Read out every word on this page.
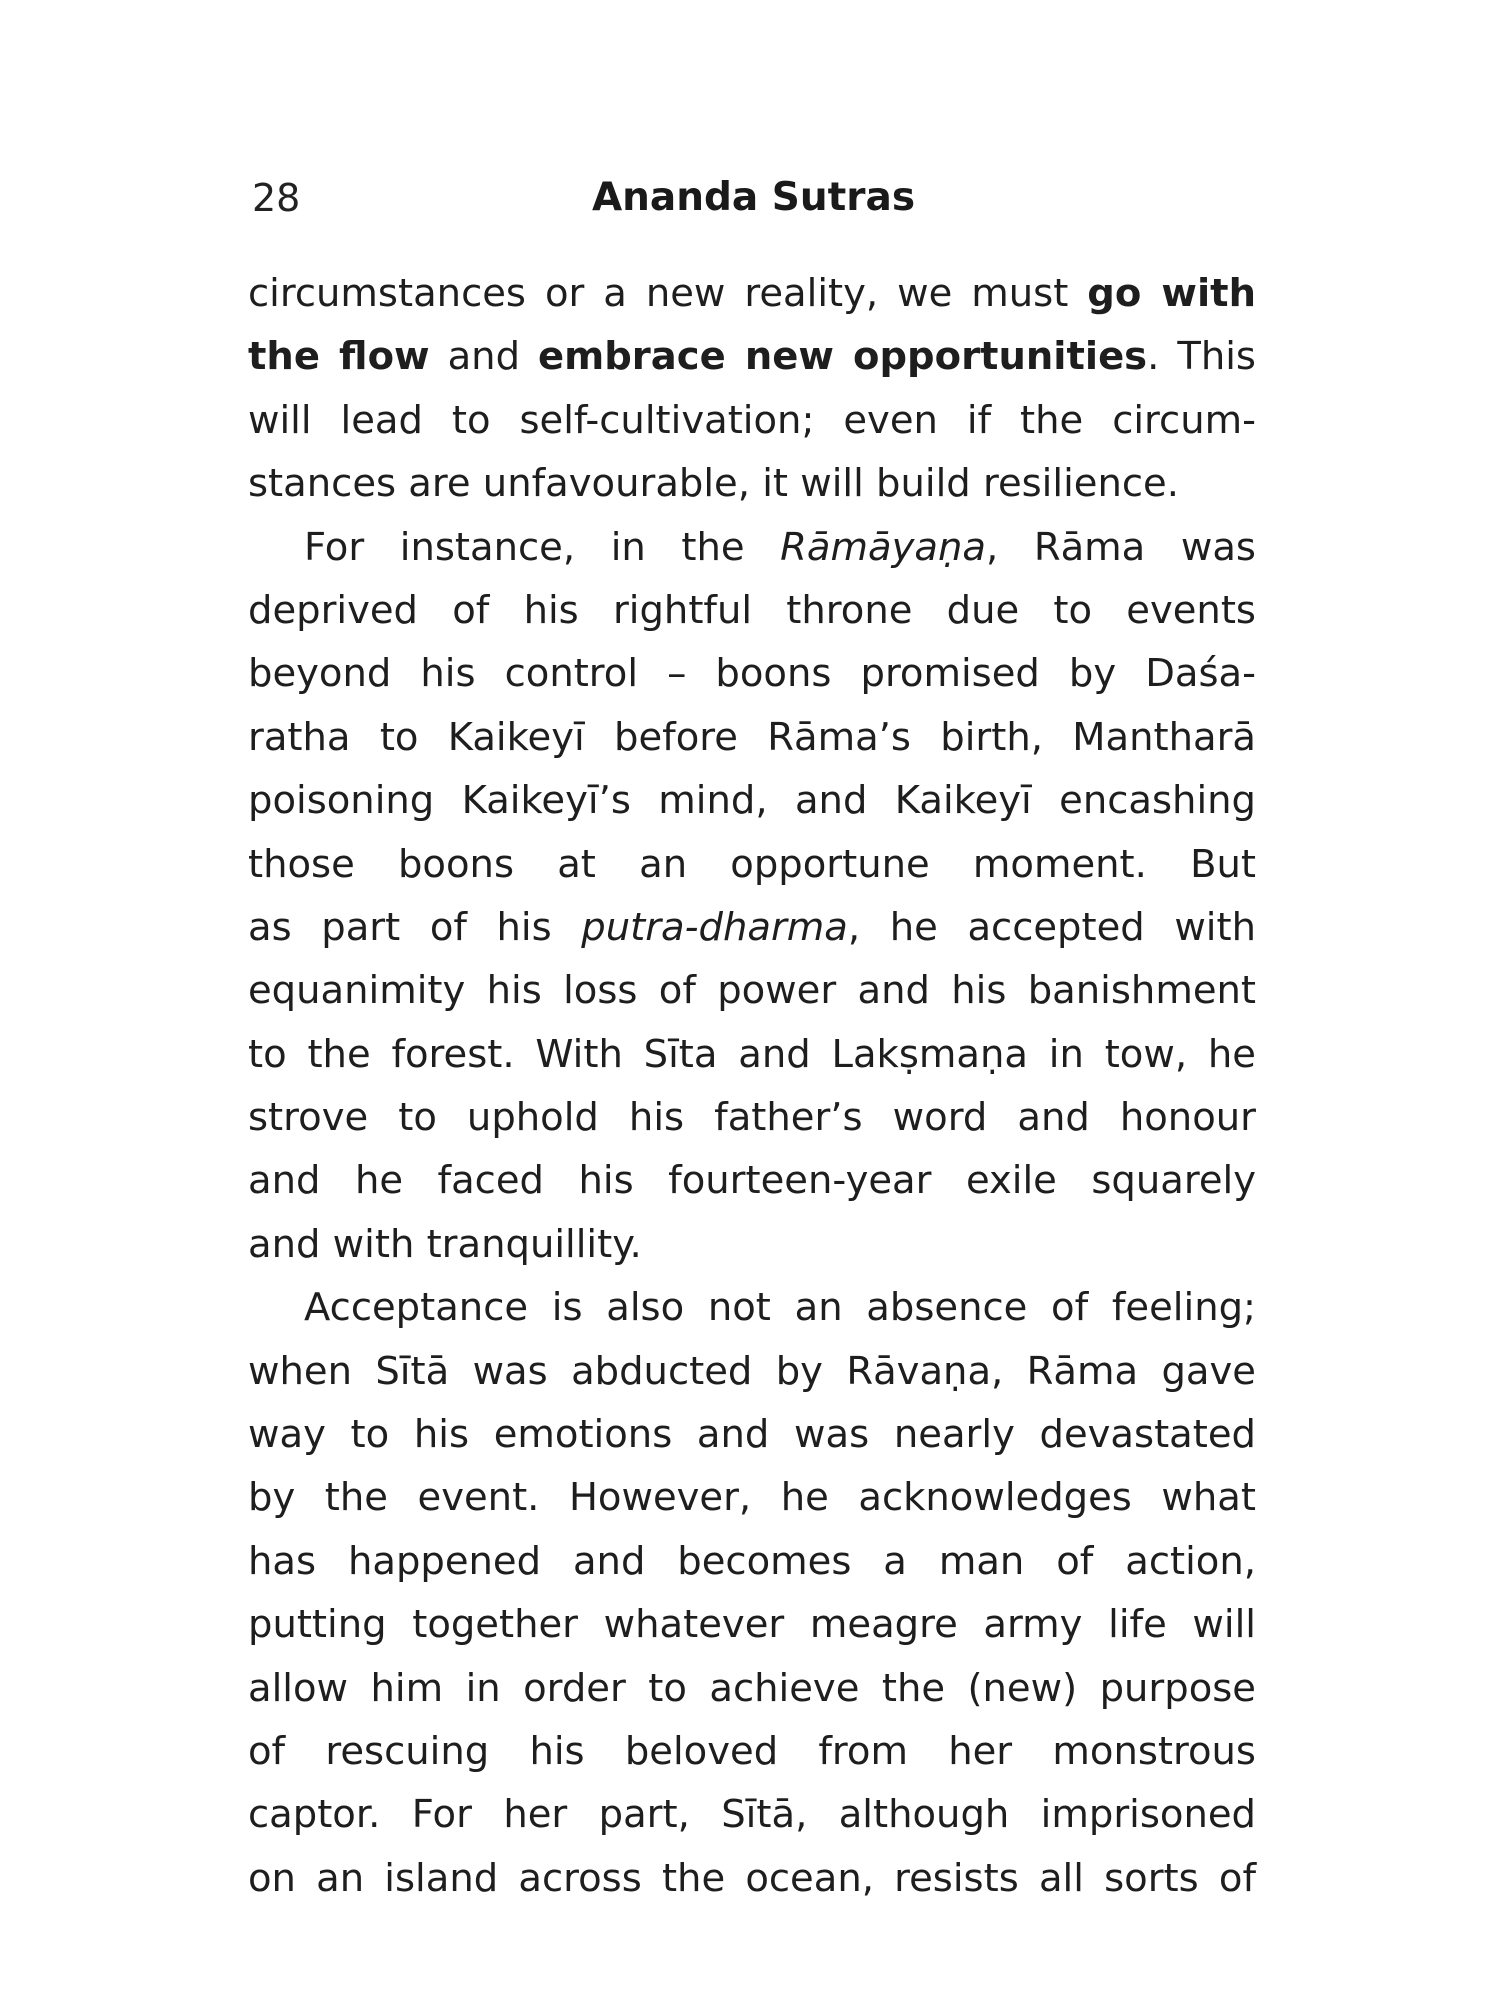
28	Ananda Sutras
circumstances or a new reality, we must go with
the flow and embrace new opportunities. This
will lead to self-cultivation; even if the circum-
stances are unfavourable, it will build resilience.
For instance, in the Rāmāyaṇa, Rāma was
deprived of his rightful throne due to events
beyond his control – boons promised by Daśa-
ratha to Kaikeyī before Rāma’s birth, Mantharā
poisoning Kaikeyī’s mind, and Kaikeyī encashing
those boons at an opportune moment. But
as part of his putra-dharma, he accepted with
equanimity his loss of power and his banishment
to the forest. With Sīta and Lakṣmaṇa in tow, he
strove to uphold his father’s word and honour
and he faced his fourteen-year exile squarely
and with tranquillity.
Acceptance is also not an absence of feeling;
when Sītā was abducted by Rāvaṇa, Rāma gave
way to his emotions and was nearly devastated
by the event. However, he acknowledges what
has happened and becomes a man of action,
putting together whatever meagre army life will
allow him in order to achieve the (new) purpose
of rescuing his beloved from her monstrous
captor. For her part, Sītā, although imprisoned
on an island across the ocean, resists all sorts of
